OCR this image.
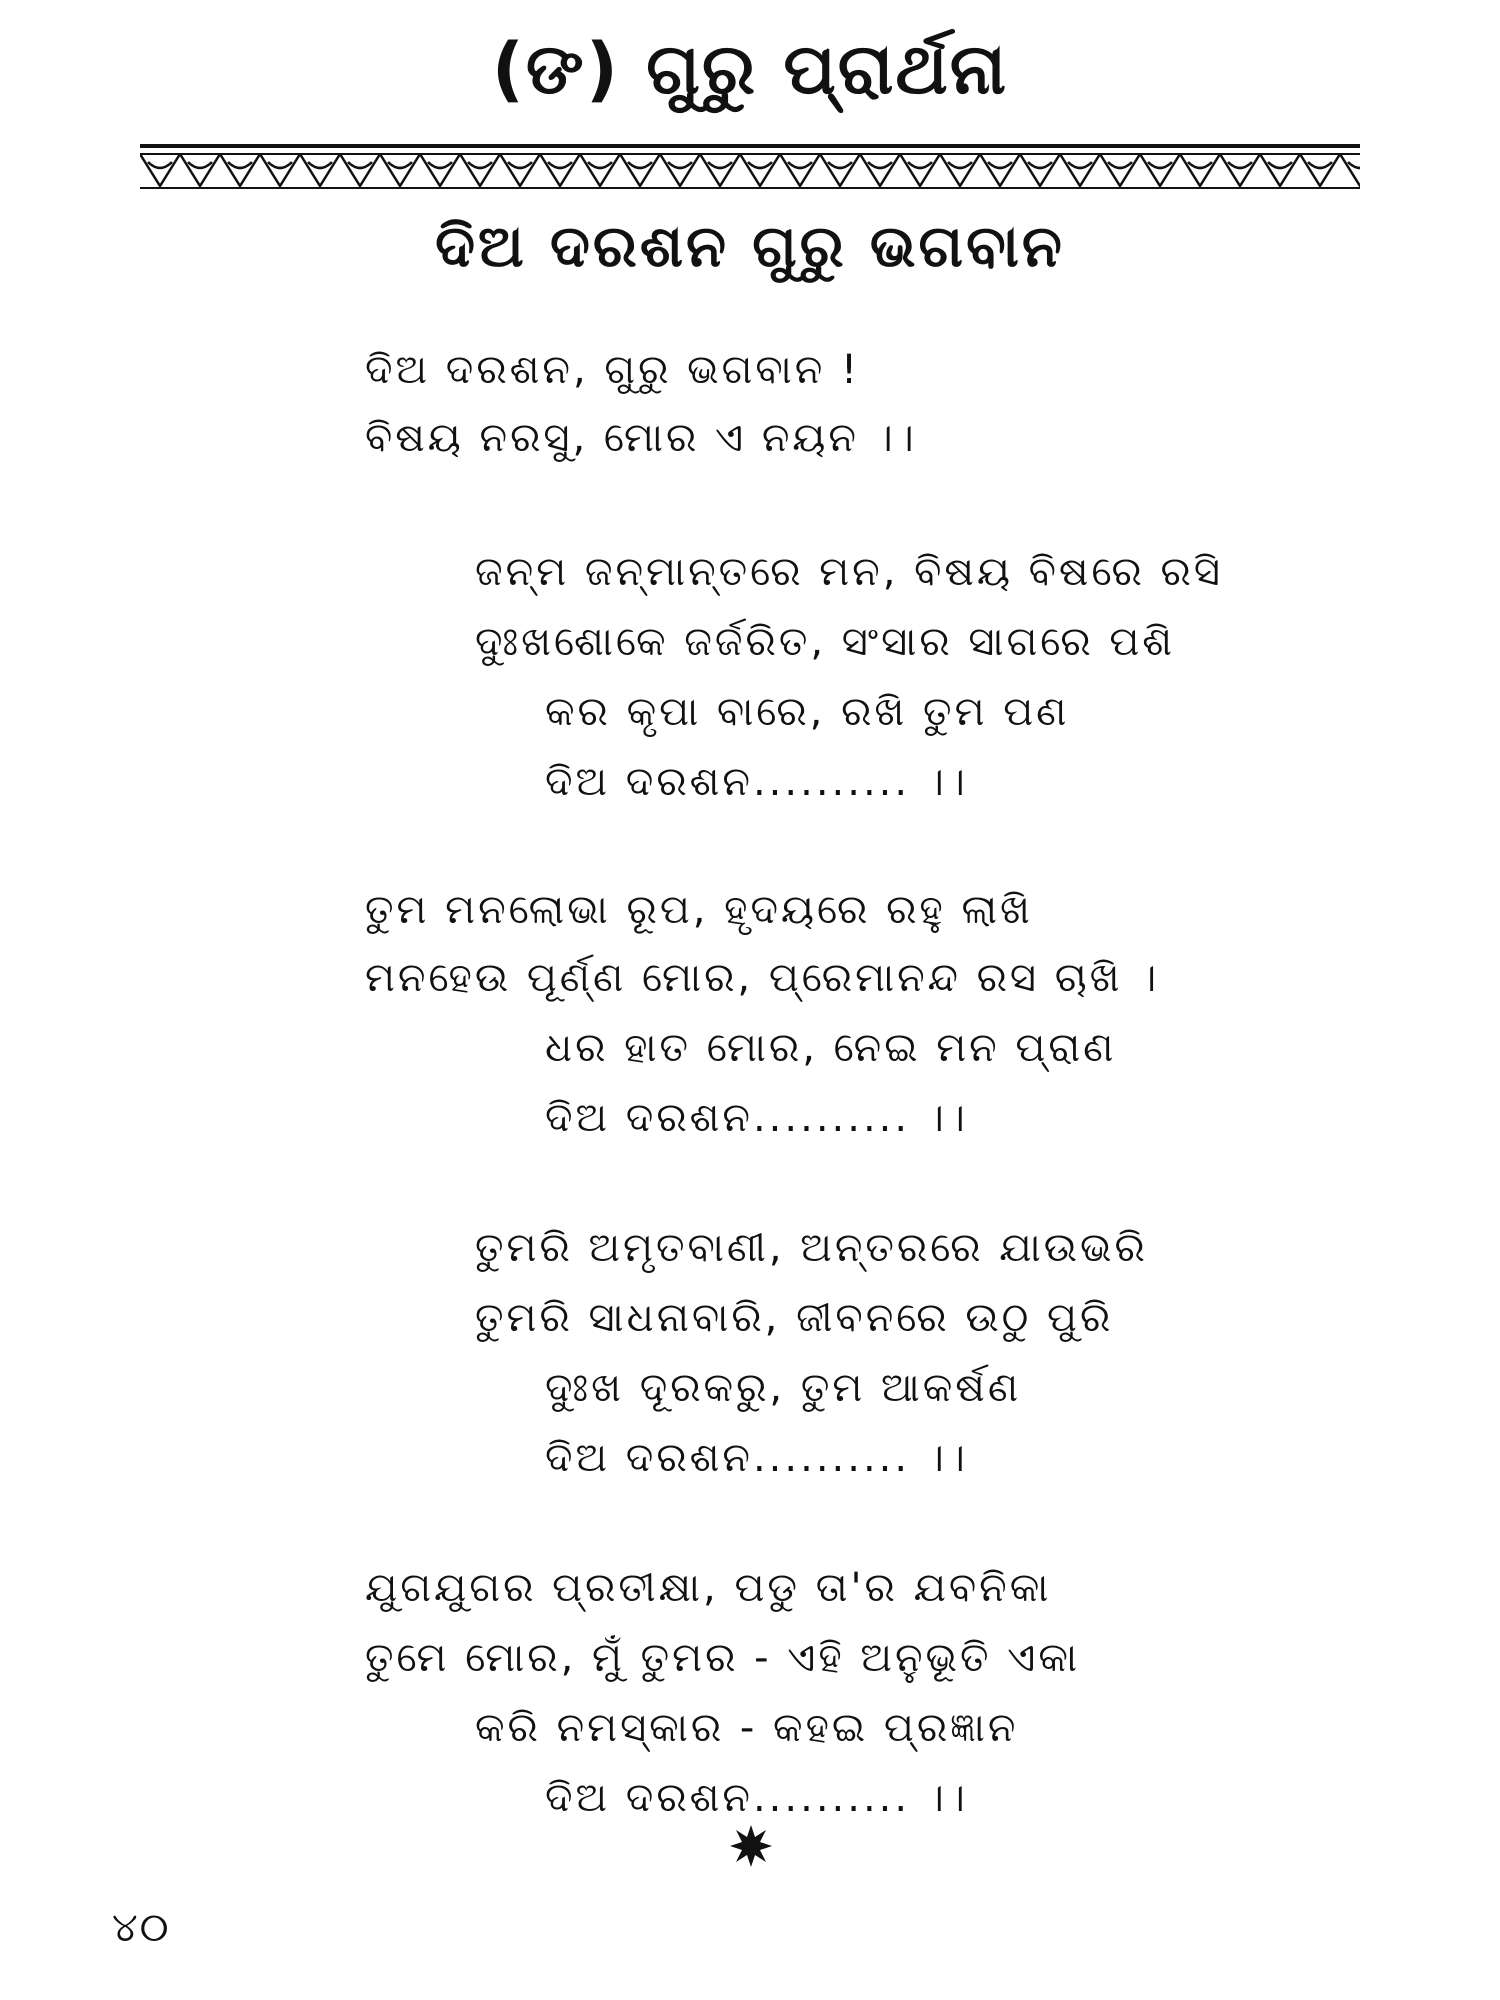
(ଙ) ଗୁରୁ ପ୍ରାର୍ଥନା
ଦିଅ ଦରଶନ ଗୁରୁ ଭଗବାନ
ଦିଅ ଦରଶନ, ଗୁରୁ ଭଗବାନ !
ବିଷୟ ନରସୁ, ମୋର ଏ ନୟନ ।।
ଜନ୍ମ ଜନ୍ମାନ୍ତରେ ମନ, ବିଷୟ ବିଷରେ ରସି
ଦୁଃଖଶୋକେ ଜର୍ଜରିତ, ସଂସାର ସାଗରେ ପଶି
କର କୃପା ବାରେ, ରଖି ତୁମ ପଣ
ଦିଅ ଦରଶନ.......... ।।
ତୁମ ମନଲୋଭା ରୂପ, ହୃଦୟରେ ରହୁ ଲାଖି
ମନହେଉ ପୂର୍ଣ୍ଣ ମୋର, ପ୍ରେମାନନ୍ଦ ରସ ଚାଖି ।
ଧର ହାତ ମୋର, ନେଇ ମନ ପ୍ରାଣ
ଦିଅ ଦରଶନ.......... ।।
ତୁମରି ଅମୃତବାଣୀ, ଅନ୍ତରରେ ଯାଉଭରି
ତୁମରି ସାଧନାବାରି, ଜୀବନରେ ଉଠୁ ପୁରି
ଦୁଃଖ ଦୂରକରୁ, ତୁମ ଆକର୍ଷଣ
ଦିଅ ଦରଶନ.......... ।।
ଯୁଗଯୁଗର ପ୍ରତୀକ୍ଷା, ପଡୁ ତା'ର ଯବନିକା
ତୁମେ ମୋର, ମୁଁ ତୁମର - ଏହି ଅନୁଭୂତି ଏକା
କରି ନମସ୍କାର - କହଇ ପ୍ରଜ୍ଞାନ
ଦିଅ ଦରଶନ.......... ।।
୪୦
